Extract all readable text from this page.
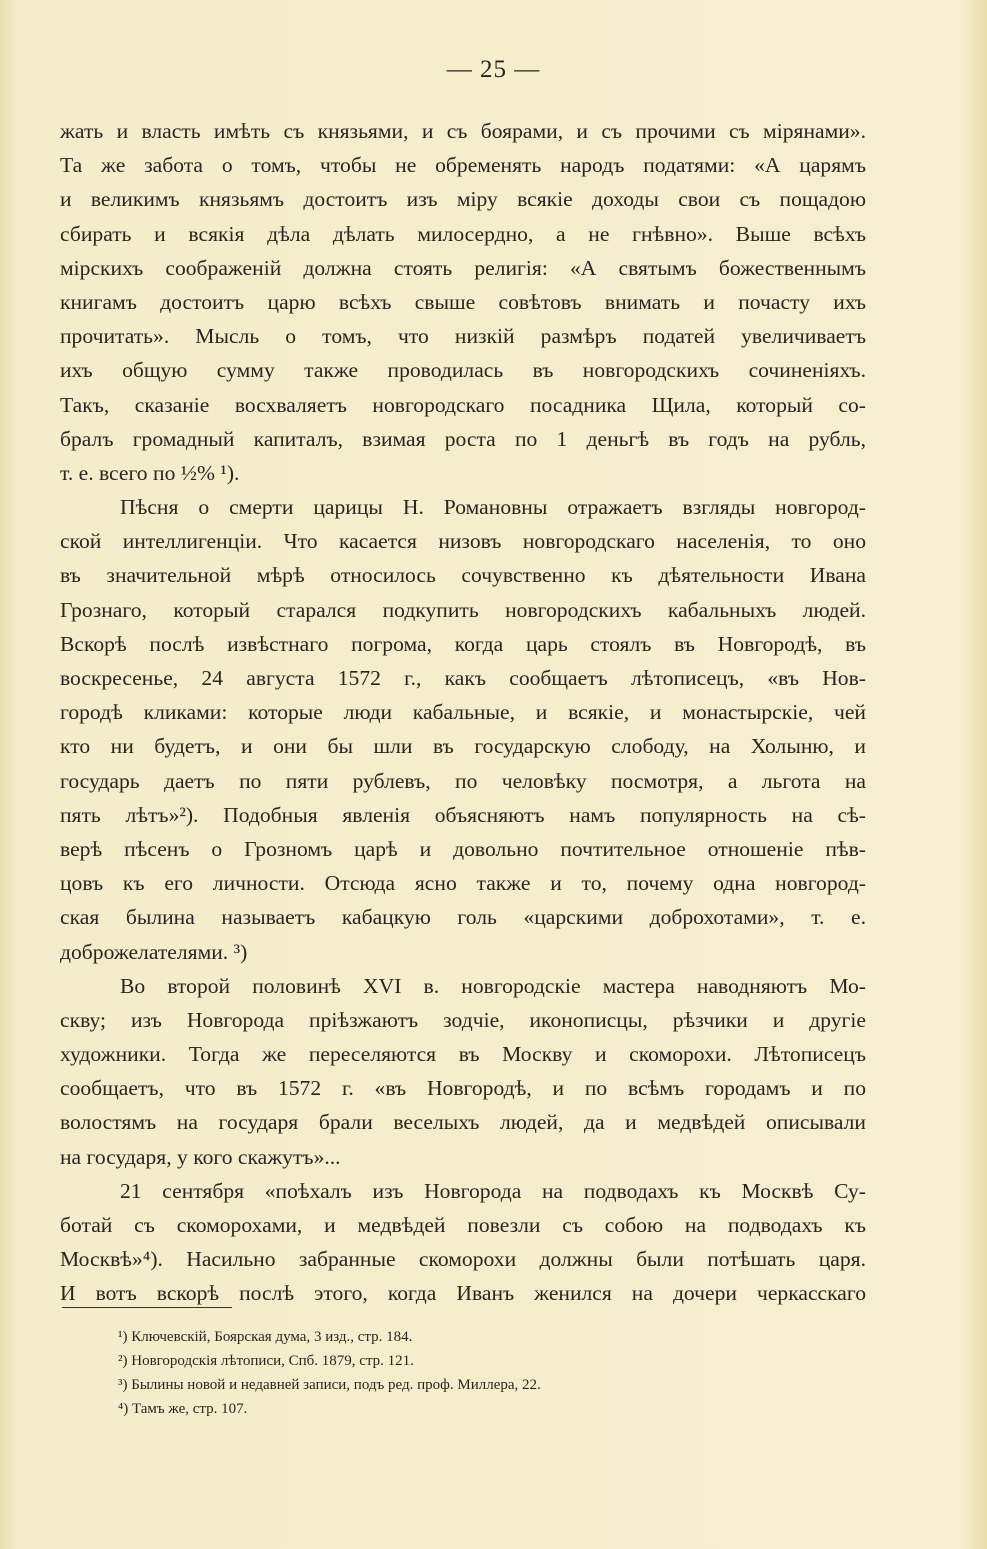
— 25 —
жать и власть имѣть съ князьями, и съ боярами, и съ прочими съ мірянами».
Та же забота о томъ, чтобы не обременять народъ податями: «А царямъ
и великимъ князьямъ достоитъ изъ міру всякіе доходы свои съ пощадою
сбирать и всякія дѣла дѣлать милосердно, а не гнѣвно». Выше всѣхъ
мірскихъ соображеній должна стоять религія: «А святымъ божественнымъ
книгамъ достоитъ царю всѣхъ свыше совѣтовъ внимать и почасту ихъ
прочитать». Мысль о томъ, что низкій размѣръ податей увеличиваетъ
ихъ общую сумму также проводилась въ новгородскихъ сочиненіяхъ.
Такъ, сказаніе восхваляетъ новгородскаго посадника Щила, который со-
бралъ громадный капиталъ, взимая роста по 1 деньгѣ въ годъ на рубль,
т. е. всего по ½% ¹).
Пѣсня о смерти царицы Н. Романовны отражаетъ взгляды новгород-
ской интеллигенціи. Что касается низовъ новгородскаго населенія, то оно
въ значительной мѣрѣ относилось сочувственно къ дѣятельности Ивана
Грознаго, который старался подкупить новгородскихъ кабальныхъ людей.
Вскорѣ послѣ извѣстнаго погрома, когда царь стоялъ въ Новгородѣ, въ
воскресенье, 24 августа 1572 г., какъ сообщаетъ лѣтописецъ, «въ Нов-
городѣ кликами: которые люди кабальные, и всякіе, и монастырскіе, чей
кто ни будетъ, и они бы шли въ государскую слободу, на Холыню, и
государь даетъ по пяти рублевъ, по человѣку посмотря, а льгота на
пять лѣтъ»²). Подобныя явленія объясняютъ намъ популярность на сѣ-
верѣ пѣсенъ о Грозномъ царѣ и довольно почтительное отношеніе пѣв-
цовъ къ его личности. Отсюда ясно также и то, почему одна новгород-
ская былина называетъ кабацкую голь «царскими доброхотами», т. е.
доброжелателями. ³)
Во второй половинѣ XVI в. новгородскіе мастера наводняютъ Мо-
скву; изъ Новгорода пріѣзжаютъ зодчіе, иконописцы, рѣзчики и другіе
художники. Тогда же переселяются въ Москву и скоморохи. Лѣтописецъ
сообщаетъ, что въ 1572 г. «въ Новгородѣ, и по всѣмъ городамъ и по
волостямъ на государя брали веселыхъ людей, да и медвѣдей описывали
на государя, у кого скажутъ»...
21 сентября «поѣхалъ изъ Новгорода на подводахъ къ Москвѣ Су-
ботай съ скоморохами, и медвѣдей повезли съ собою на подводахъ къ
Москвѣ»⁴). Насильно забранные скоморохи должны были потѣшать царя.
И вотъ вскорѣ послѣ этого, когда Иванъ женился на дочери черкасскаго
¹) Ключевскій, Боярская дума, 3 изд., стр. 184.
²) Новгородскія лѣтописи, Спб. 1879, стр. 121.
³) Былины новой и недавней записи, подъ ред. проф. Миллера, 22.
⁴) Тамъ же, стр. 107.
